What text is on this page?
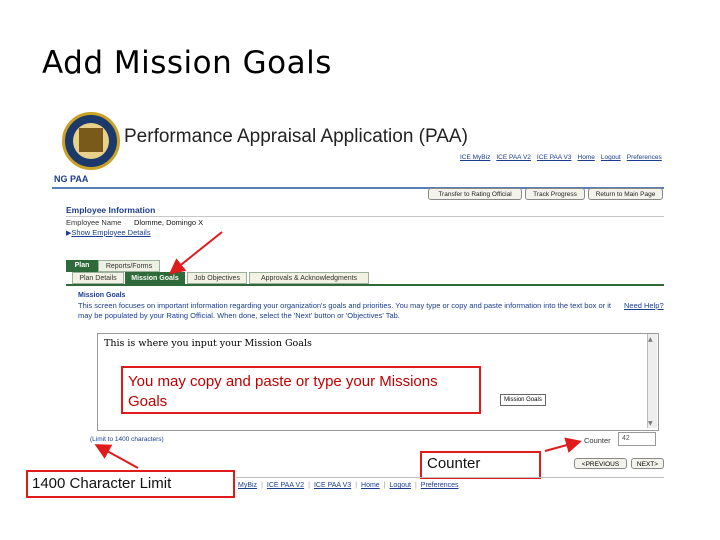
Add Mission Goals
Performance Appraisal Application (PAA)
ICE MyBiz ICE PAA V2 ICE PAA V3 Home Logout Preferences
NG PAA
Transfer to Rating Official	Track Progress	Return to Main Page
Employee Information
Employee Name Dlomme, Domingo X
▶Show Employee Details
Plan	Reports/Forms
Plan Details	Mission Goals	Job Objectives	Approvals & Acknowledgments
Mission Goals
This screen focuses on important information regarding your organization's goals and priorities. You may type or copy and paste information into the text box or it may be populated by your Rating Official. When done, select the 'Next' button or 'Objectives' Tab.
Need Help?
This is where you input your Mission Goals	▲
▼
Mission Goals
You may copy and paste or type your Missions Goals
(Limit to 1400 characters)	Counter	42
1400 Character Limit
Counter	<PREVIOUS	NEXT>
MyBiz | ICE PAA V2 | ICE PAA V3 | Home | Logout | Preferences
